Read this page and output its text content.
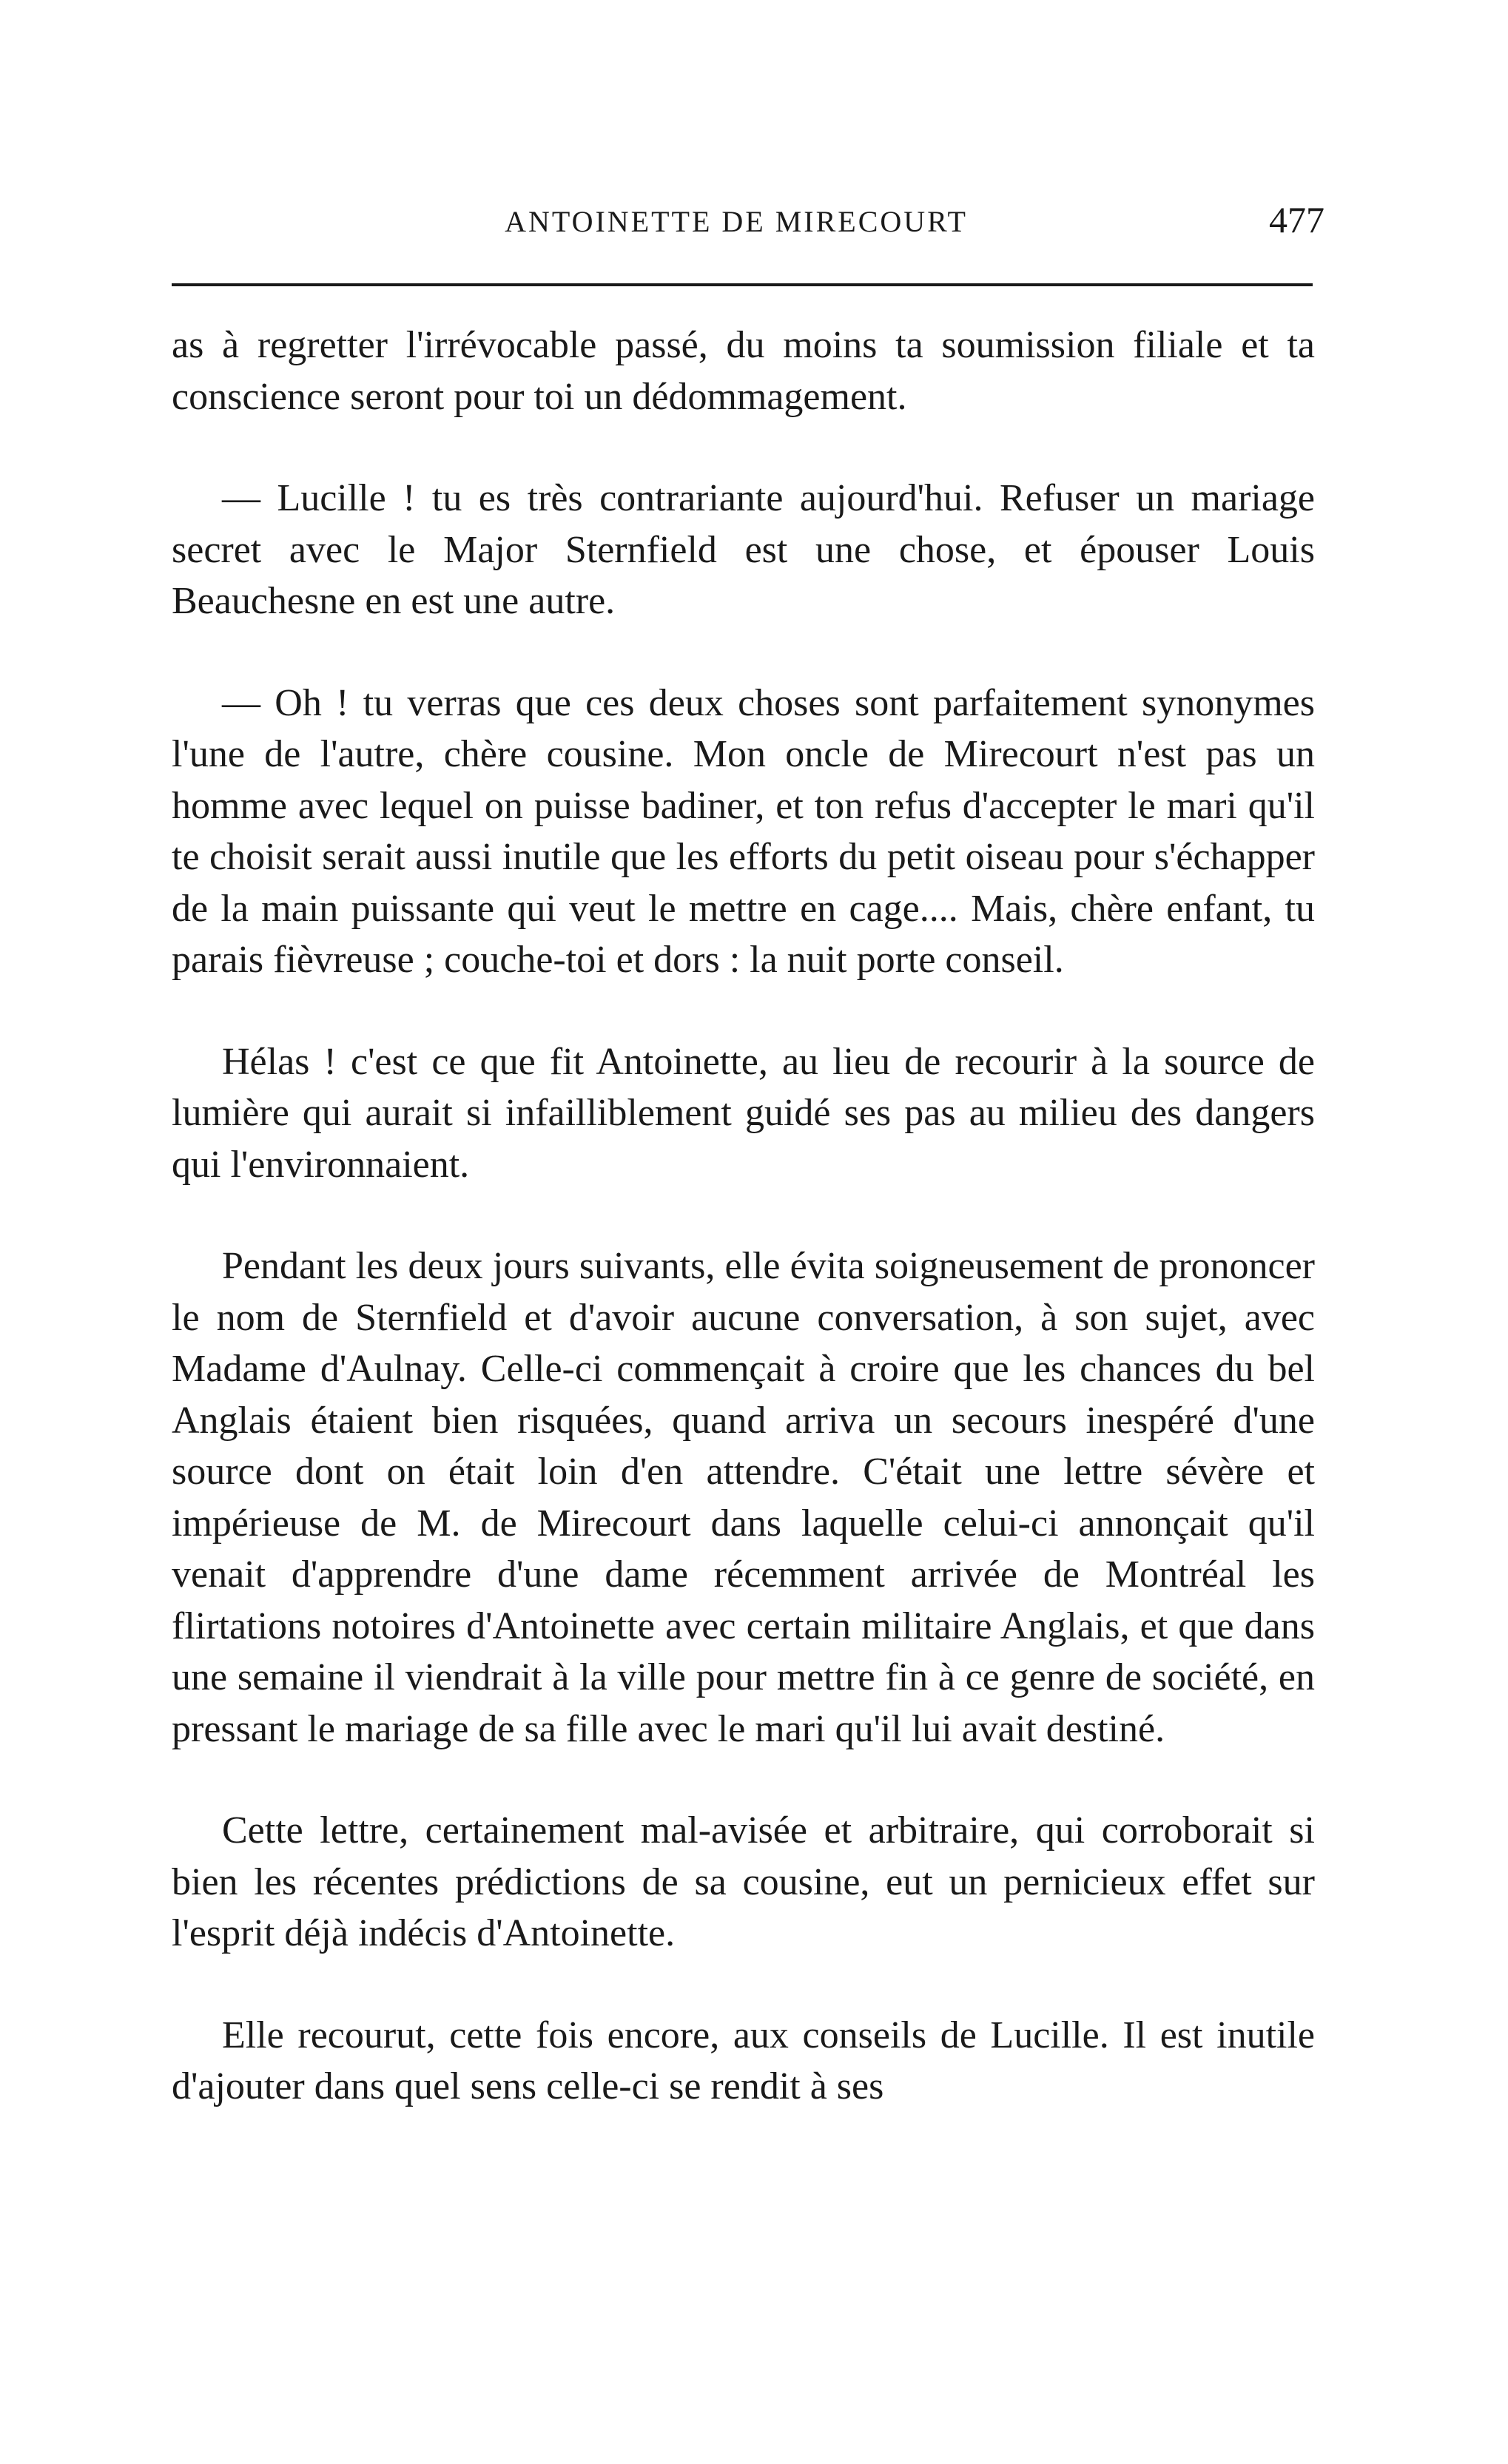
ANTOINETTE DE MIRECOURT	477

as à regretter l'irrévocable passé, du moins ta soumission filiale et ta conscience seront pour toi un dédommagement.

— Lucille ! tu es très contrariante aujourd'hui. Refuser un mariage secret avec le Major Sternfield est une chose, et épouser Louis Beauchesne en est une autre.

— Oh ! tu verras que ces deux choses sont parfaitement synonymes l'une de l'autre, chère cousine. Mon oncle de Mirecourt n'est pas un homme avec lequel on puisse badiner, et ton refus d'accepter le mari qu'il te choisit serait aussi inutile que les efforts du petit oiseau pour s'échapper de la main puissante qui veut le mettre en cage.... Mais, chère enfant, tu parais fièvreuse ; couche-toi et dors : la nuit porte conseil.

Hélas ! c'est ce que fit Antoinette, au lieu de recourir à la source de lumière qui aurait si infailliblement guidé ses pas au milieu des dangers qui l'environnaient.

Pendant les deux jours suivants, elle évita soigneusement de prononcer le nom de Sternfield et d'avoir aucune conversation, à son sujet, avec Madame d'Aulnay. Celle-ci commençait à croire que les chances du bel Anglais étaient bien risquées, quand arriva un secours inespéré d'une source dont on était loin d'en attendre. C'était une lettre sévère et impérieuse de M. de Mirecourt dans laquelle celui-ci annonçait qu'il venait d'apprendre d'une dame récemment arrivée de Montréal les flirtations notoires d'Antoinette avec certain militaire Anglais, et que dans une semaine il viendrait à la ville pour mettre fin à ce genre de société, en pressant le mariage de sa fille avec le mari qu'il lui avait destiné.

Cette lettre, certainement mal-avisée et arbitraire, qui corroborait si bien les récentes prédictions de sa cousine, eut un pernicieux effet sur l'esprit déjà indécis d'Antoinette.

Elle recourut, cette fois encore, aux conseils de Lucille. Il est inutile d'ajouter dans quel sens celle-ci se rendit à ses
